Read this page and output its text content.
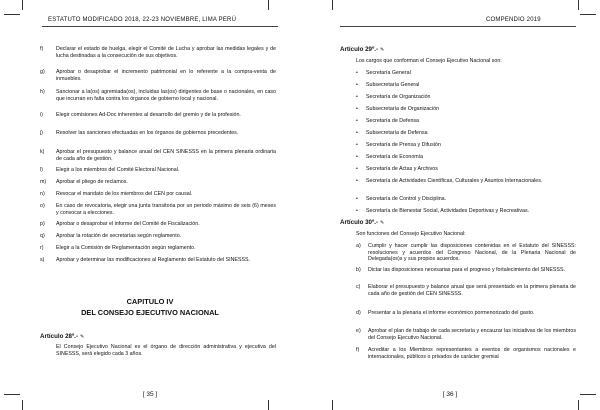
ESTATUTO MODIFICADO 2018, 22-23 NOVIEMBRE, LIMA PERÚ
f) Declarar el estado de huelga, elegir el Comité de Lucha y aprobar las medidas legales y de lucha destinadas a la consecución de sus objetivos.
g) Aprobar o desaprobar el incremento patrimonial en lo referente a la compra-venta de inmuebles.
h) Sancionar a la(os) agremiada(os), incluidas las(os) dirigentes de base o nacionales, en caso que incurran en falta contra los órganos de gobierno local y nacional.
i) Elegir comisiones Ad-Doc inherentes al desarrollo del gremio y de la profesión.
j) Resolver las sanciones efectuadas en los órganos de gobiernos precedentes.
k) Aprobar el presupuesto y balance anual del CEN SINESSS en la primera plenaria ordinaria de cada año de gestión.
l) Elegir a los miembros del Comité Electoral Nacional.
m) Aprobar el pliego de reclamos.
n) Revocar el mandato de los miembros del CEN por causal.
o) En caso de revocatoria, elegir una junta transitoria por un periodo máximo de seis (6) meses y convocar a elecciones.
p) Aprobar o desaprobar el informe del Comité de Fiscalización.
q) Aprobar la rotación de secretarías según reglamento.
r) Elegir a la Comisión de Reglamentación según reglamento.
s) Aprobar y determinar las modificaciones al Reglamento del Estatuto del SINESSS.
CAPITULO IV
DEL CONSEJO EJECUTIVO NACIONAL
Artículo 28º.- ✎
El Consejo Ejecutivo Nacional es el órgano de dirección administrativa y ejecutiva del SINESSS, será elegido cada 3 años.
[ 35 ]
COMPENDIO 2019
Artículo 29º.- ✎
Los cargos que conforman el Consejo Ejecutivo Nacional son:
• Secretaría General
• Subsecretaría General
• Secretaría de Organización
• Subsecretaría de Organización
• Secretaría de Defensa
• Subsecretaría de Defensa
• Secretaría de Prensa y Difusión
• Secretaría de Economía
• Secretaría de Actas y Archivos
• Secretaría de Actividades Científicas, Culturales y Asuntos Internacionales.
• Secretaría de Control y Disciplina.
• Secretaría de Bienestar Social, Actividades Deportivas y Recreativas.
Artículo 30º.- ✎
Son funciones del Consejo Ejecutivo Nacional:
a) Cumplir y hacer cumplir las disposiciones contenidas en el Estatuto del SINESSS: resoluciones y acuerdos del Congreso Nacional, de la Plenaria Nacional de Delegada(os)s y sus propios acuerdos.
b) Dictar las disposiciones necesarias para el progreso y fortalecimiento del SINESSS.
c) Elaborar el presupuesto y balance anual que será presentado en la primera plenaria de cada año de gestión del CEN SINESSS.
d) Presentar a la plenaria el informe económico pormenorizado del gasto.
e) Aprobar el plan de trabajo de cada secretaría y encauzar las iniciativas de los miembros del Consejo Ejecutivo Nacional.
f) Acreditar a los Miembros representantes a eventos de organismos nacionales e internacionales, públicos o privados de carácter gremial
[ 36 ]
